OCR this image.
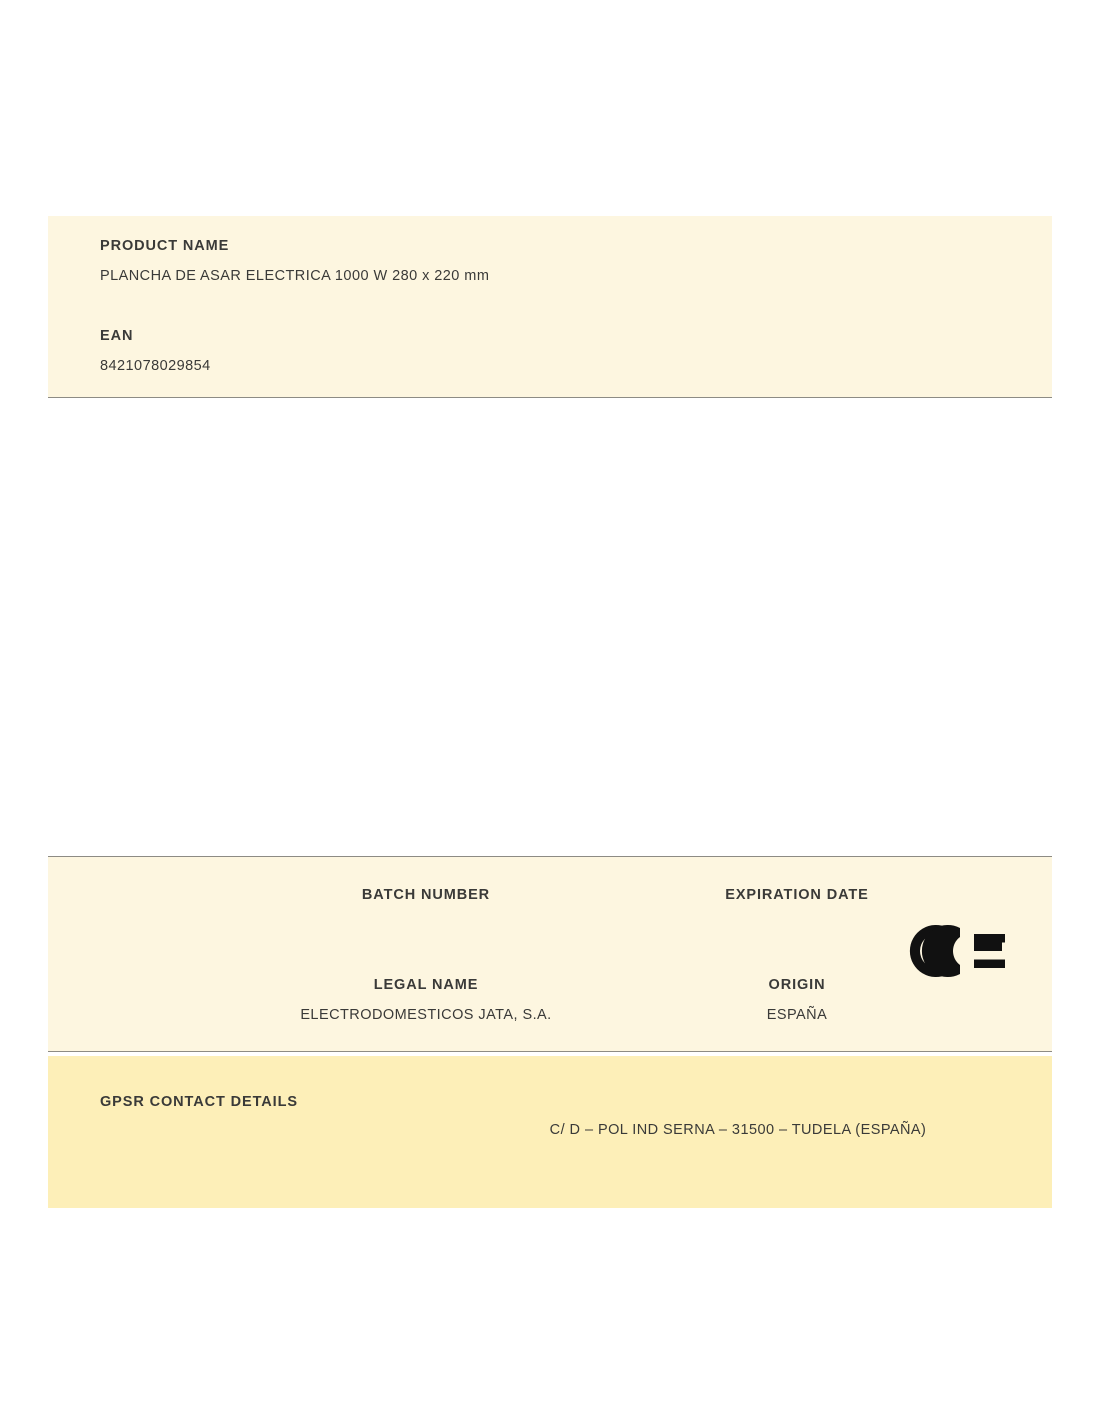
PRODUCT NAME
PLANCHA DE ASAR ELECTRICA 1000 W 280 x 220 mm
EAN
8421078029854
BATCH NUMBER	EXPIRATION DATE
LEGAL NAME
ELECTRODOMESTICOS JATA, S.A.
ORIGIN
ESPAÑA
GPSR CONTACT DETAILS
C/ D – POL IND SERNA – 31500 – TUDELA (ESPAÑA)
